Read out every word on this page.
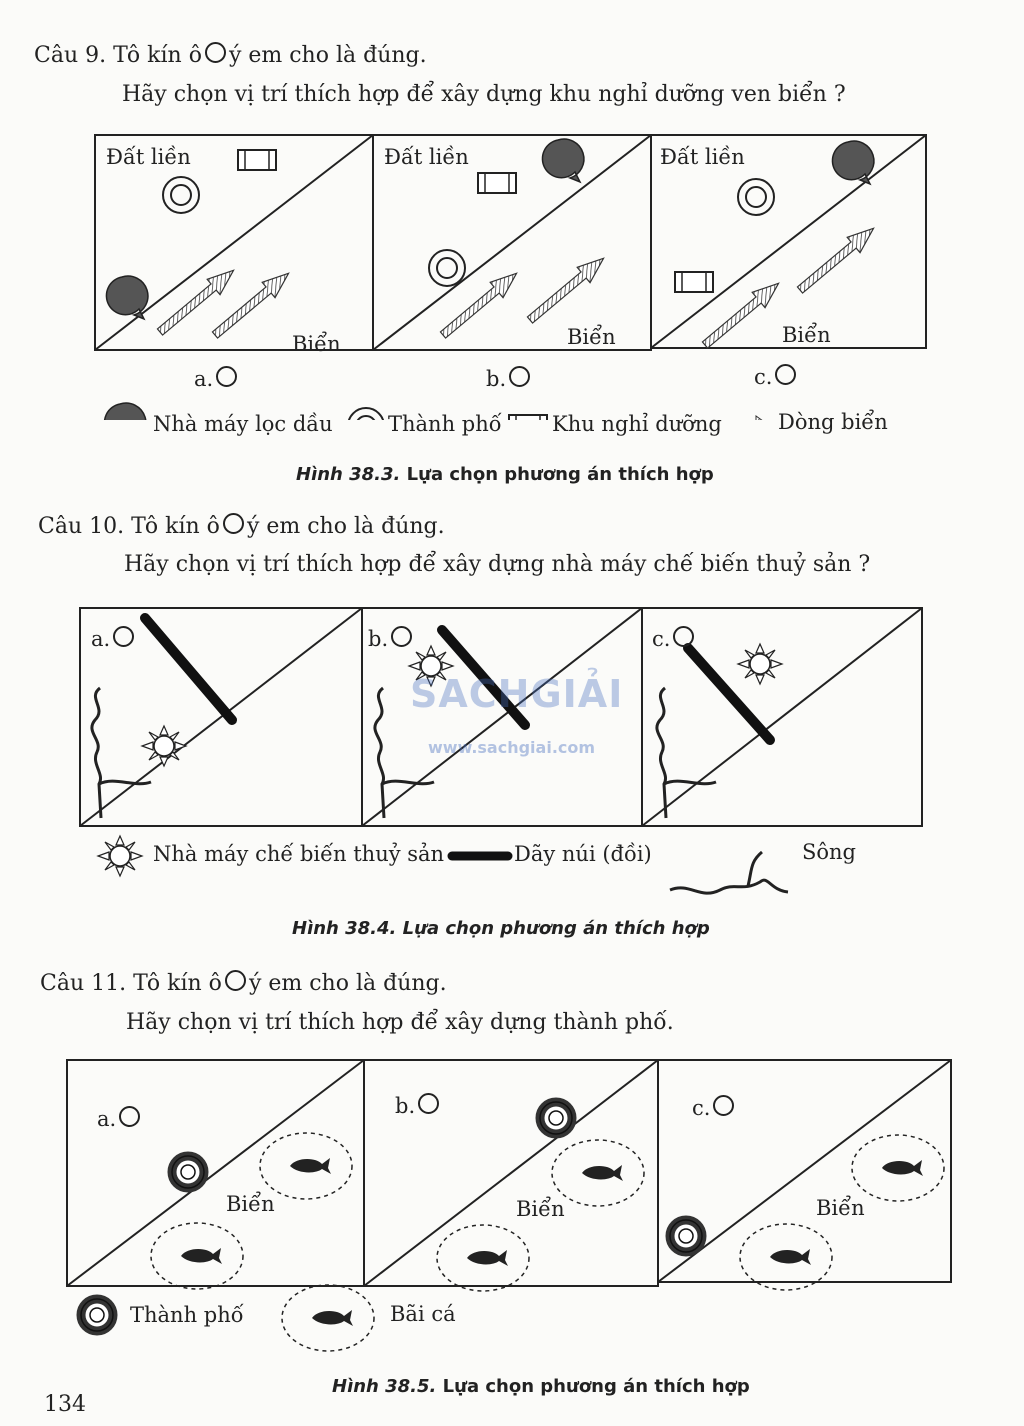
Câu 9. Tô kín ô ý em cho là đúng.
Hãy chọn vị trí thích hợp để xây dựng khu nghỉ dưỡng ven biển ?
Đất liền	Đất liền	Đất liền
Biển	Biển	Biển
a.	b.	c.
Nhà máy lọc dầu	Thành phố Khu nghỉ dưỡng	Dòng biển
Hình 38.3. Lựa chọn phương án thích hợp
Câu 10. Tô kín ô ý em cho là đúng.
Hãy chọn vị trí thích hợp để xây dựng nhà máy chế biến thuỷ sản ?
a.	b.	c.
Nhà máy chế biến thuỷ sản	Dãy núi (đồi)	Sông
SACHGIẢI
www.sachgiai.com
Hình 38.4. Lựa chọn phương án thích hợp
Câu 11. Tô kín ô ý em cho là đúng.
Hãy chọn vị trí thích hợp để xây dựng thành phố.
a.
b.	c.
Biển	Biển	Biển
Thành phố	Bãi cá
Hình 38.5. Lựa chọn phương án thích hợp
134
